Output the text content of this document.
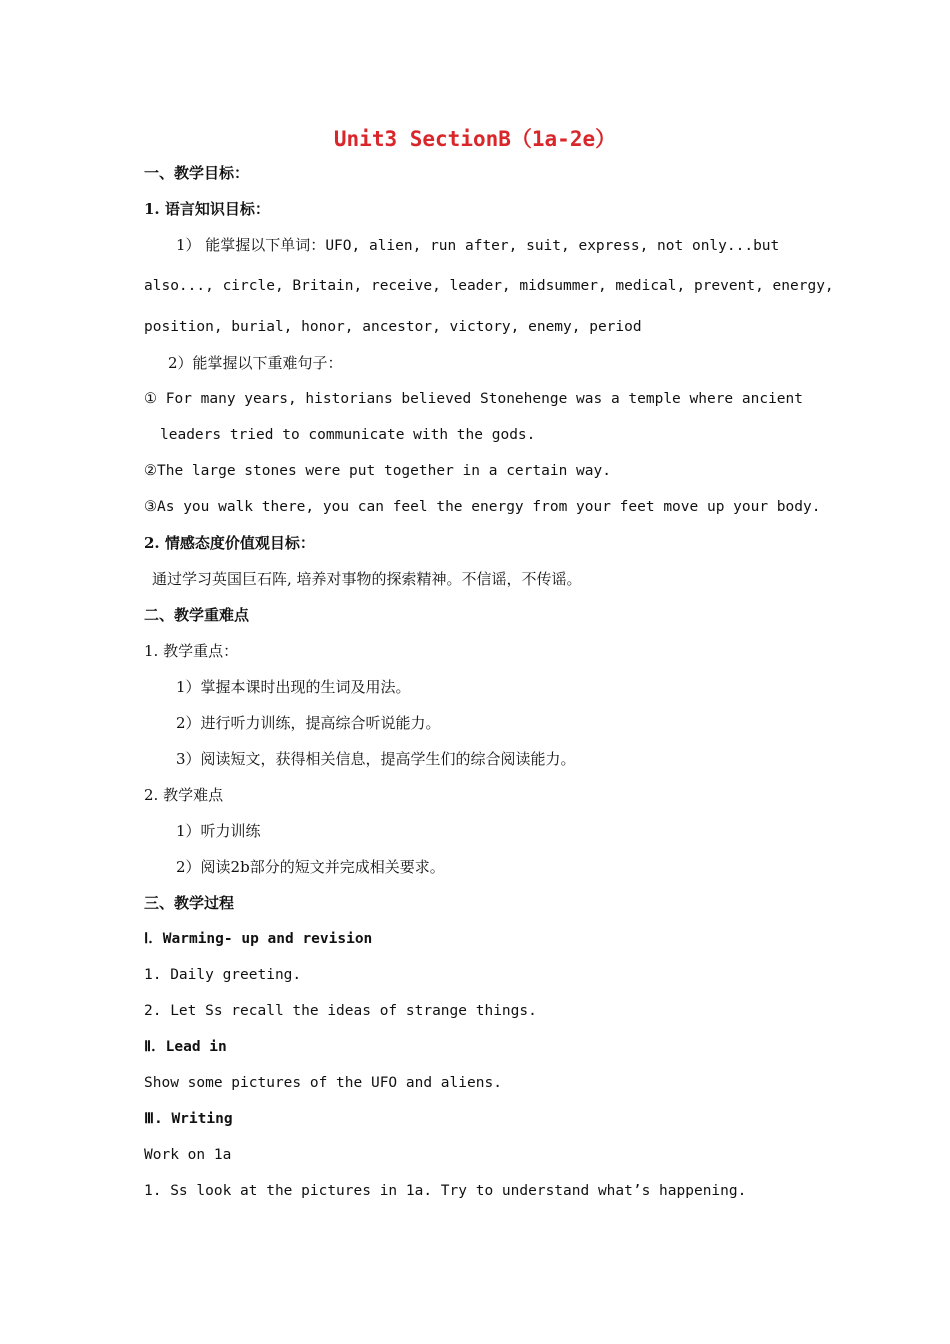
Unit3 SectionB（1a-2e）
一、教学目标：
1. 语言知识目标：
1） 能掌握以下单词：UFO, alien, run after, suit, express, not only...but
also..., circle, Britain, receive, leader, midsummer, medical, prevent, energy,
position, burial, honor, ancestor, victory, enemy, period
2）能掌握以下重难句子：
① For many years, historians believed Stonehenge was a temple where ancient
leaders tried to communicate with the gods.
②The large stones were put together in a certain way.
③As you walk there, you can feel the energy from your feet move up your body.
2. 情感态度价值观目标：
通过学习英国巨石阵, 培养对事物的探索精神。不信谣，不传谣。
二、教学重难点
1. 教学重点：
1）掌握本课时出现的生词及用法。
2）进行听力训练，提高综合听说能力。
3）阅读短文，获得相关信息，提高学生们的综合阅读能力。
2. 教学难点
1）听力训练
2）阅读2b部分的短文并完成相关要求。
三、教学过程
Ⅰ．Warming- up and revision
1. Daily greeting.
2. Let Ss recall the ideas of strange things.
Ⅱ．Lead in
Show some pictures of the UFO and aliens.
Ⅲ. Writing
Work on 1a
1. Ss look at the pictures in 1a. Try to understand what’s happening.
